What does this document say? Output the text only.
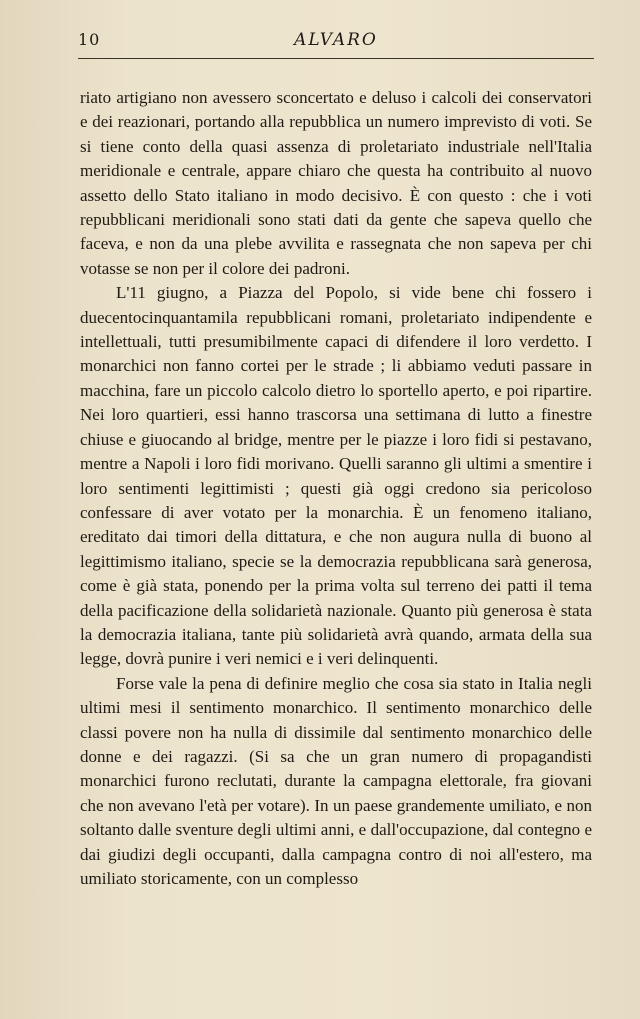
10	ALVARO

riato artigiano non avessero sconcertato e deluso i calcoli dei conservatori e dei reazionari, portando alla repubblica un numero imprevisto di voti. Se si tiene conto della quasi assenza di proletariato industriale nell'Italia meridionale e centrale, appare chiaro che questa ha contribuito al nuovo assetto dello Stato italiano in modo decisivo. È con questo : che i voti repubblicani meridionali sono stati dati da gente che sapeva quello che faceva, e non da una plebe avvilita e rassegnata che non sapeva per chi votasse se non per il colore dei padroni.

L'11 giugno, a Piazza del Popolo, si vide bene chi fossero i duecentocinquantamila repubblicani romani, proletariato indipendente e intellettuali, tutti presumibilmente capaci di difendere il loro verdetto. I monarchici non fanno cortei per le strade ; li abbiamo veduti passare in macchina, fare un piccolo calcolo dietro lo sportello aperto, e poi ripartire. Nei loro quartieri, essi hanno trascorsa una settimana di lutto a finestre chiuse e giuocando al bridge, mentre per le piazze i loro fidi si pestavano, mentre a Napoli i loro fidi morivano. Quelli saranno gli ultimi a smentire i loro sentimenti legittimisti ; questi già oggi credono sia pericoloso confessare di aver votato per la monarchia. È un fenomeno italiano, ereditato dai timori della dittatura, e che non augura nulla di buono al legittimismo italiano, specie se la democrazia repubblicana sarà generosa, come è già stata, ponendo per la prima volta sul terreno dei patti il tema della pacificazione della solidarietà nazionale. Quanto più generosa è stata la democrazia italiana, tante più solidarietà avrà quando, armata della sua legge, dovrà punire i veri nemici e i veri delinquenti.

Forse vale la pena di definire meglio che cosa sia stato in Italia negli ultimi mesi il sentimento monarchico. Il sentimento monarchico delle classi povere non ha nulla di dissimile dal sentimento monarchico delle donne e dei ragazzi. (Si sa che un gran numero di propagandisti monarchici furono reclutati, durante la campagna elettorale, fra giovani che non avevano l'età per votare). In un paese grandemente umiliato, e non soltanto dalle sventure degli ultimi anni, e dall'occupazione, dal contegno e dai giudizi degli occupanti, dalla campagna contro di noi all'estero, ma umiliato storicamente, con un complesso
